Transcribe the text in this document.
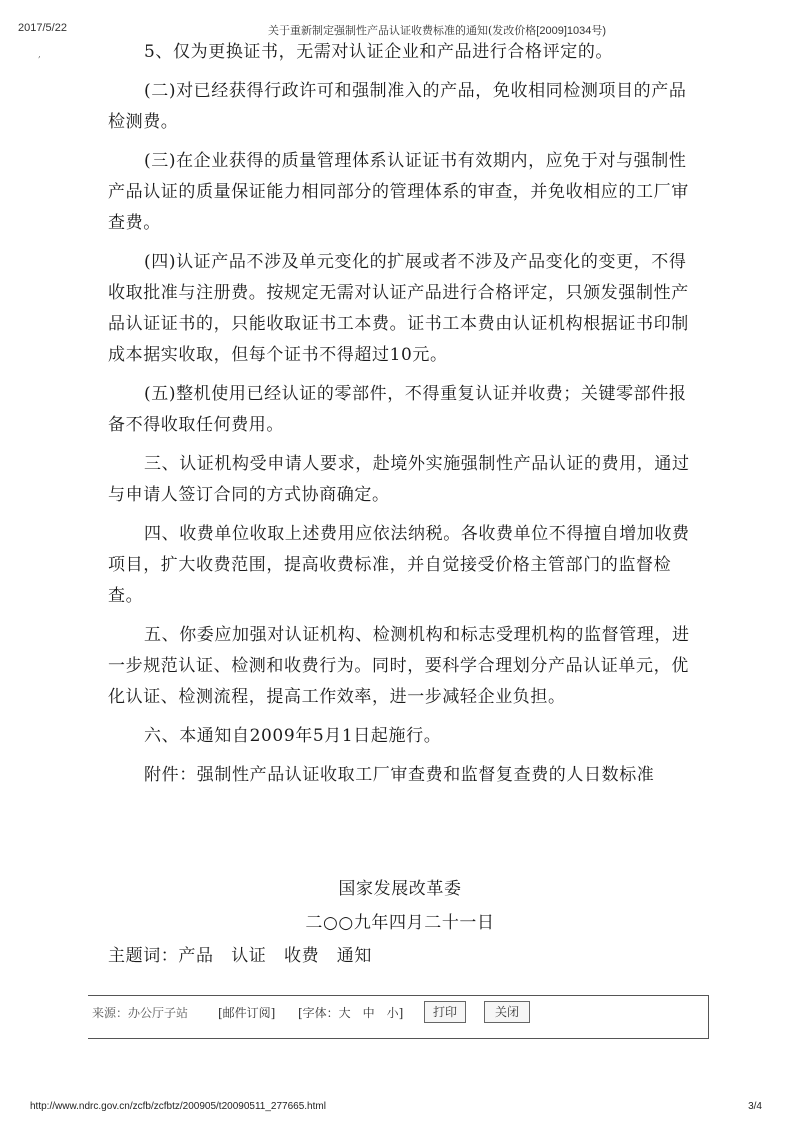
2017/5/22	关于重新制定强制性产品认证收费标准的通知(发改价格[2009]1034号)
,	5、仅为更换证书，无需对认证企业和产品进行合格评定的。

(二)对已经获得行政许可和强制准入的产品，免收相同检测项目的产品检测费。

(三)在企业获得的质量管理体系认证证书有效期内，应免于对与强制性产品认证的质量保证能力相同部分的管理体系的审查，并免收相应的工厂审查费。

(四)认证产品不涉及单元变化的扩展或者不涉及产品变化的变更，不得收取批准与注册费。按规定无需对认证产品进行合格评定，只颁发强制性产品认证证书的，只能收取证书工本费。证书工本费由认证机构根据证书印制成本据实收取，但每个证书不得超过10元。

(五)整机使用已经认证的零部件，不得重复认证并收费；关键零部件报备不得收取任何费用。

三、认证机构受申请人要求，赴境外实施强制性产品认证的费用，通过与申请人签订合同的方式协商确定。

四、收费单位收取上述费用应依法纳税。各收费单位不得擅自增加收费项目，扩大收费范围，提高收费标准，并自觉接受价格主管部门的监督检查。

五、你委应加强对认证机构、检测机构和标志受理机构的监督管理，进一步规范认证、检测和收费行为。同时，要科学合理划分产品认证单元，优化认证、检测流程，提高工作效率，进一步减轻企业负担。

六、本通知自2009年5月1日起施行。

附件：强制性产品认证收取工厂审查费和监督复查费的人日数标准

国家发展改革委
二○○九年四月二十一日
主题词：产品　认证　收费　通知
来源：办公厅子站 [邮件订阅] [字体：大　中　小]	打印	关闭
http://www.ndrc.gov.cn/zcfb/zcfbtz/200905/t20090511_277665.html	3/4
